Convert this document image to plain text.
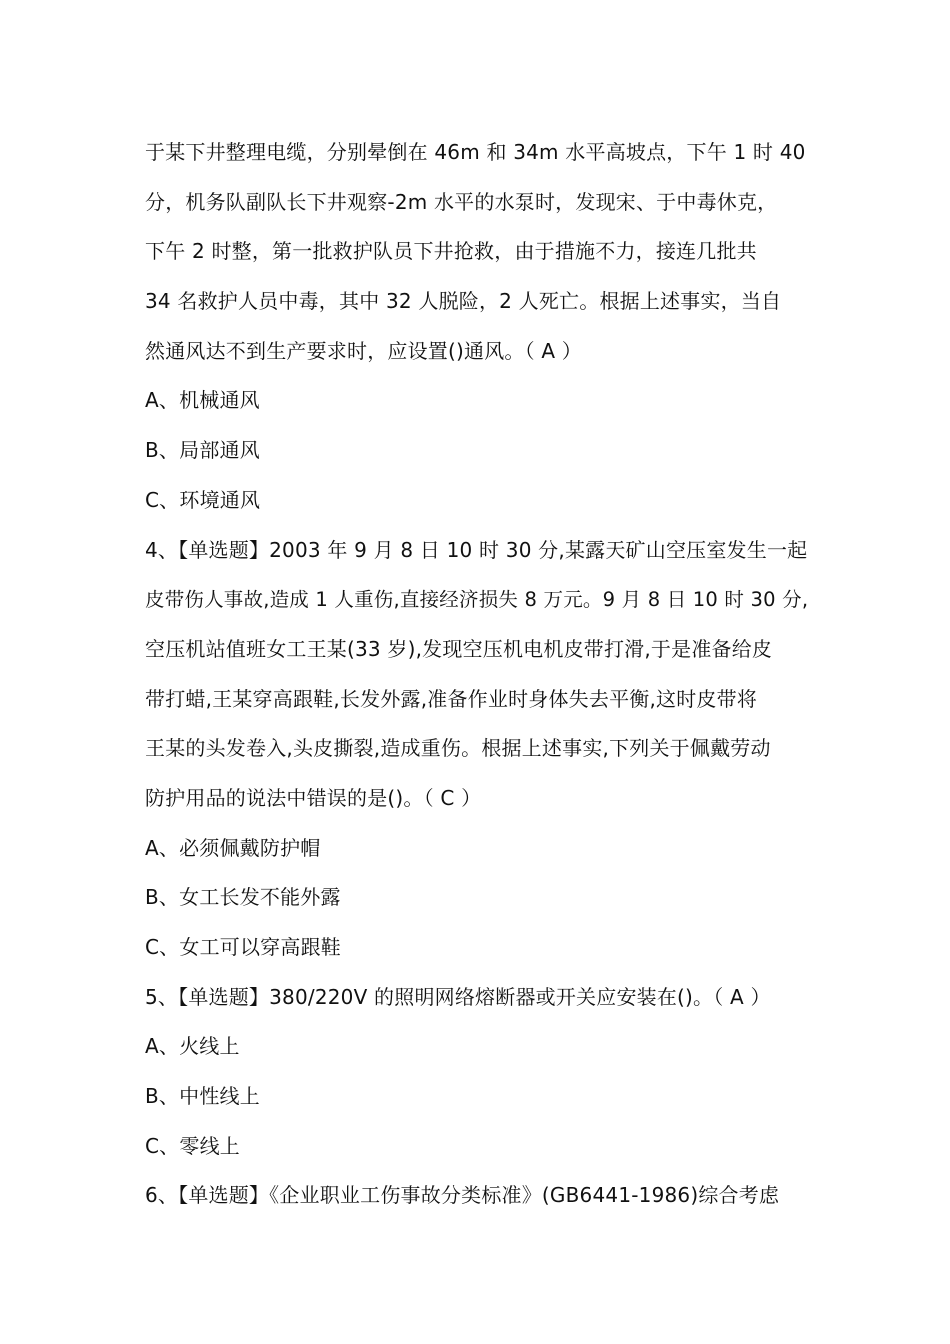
于某下井整理电缆，分别晕倒在 46m 和 34m 水平高坡点，下午 1 时 40
分，机务队副队长下井观察-2m 水平的水泵时，发现宋、于中毒休克，
下午 2 时整，第一批救护队员下井抢救，由于措施不力，接连几批共
34 名救护人员中毒，其中 32 人脱险，2 人死亡。根据上述事实，当自
然通风达不到生产要求时，应设置()通风。（ A ）
A、机械通风
B、局部通风
C、环境通风
4、【单选题】2003 年 9 月 8 日 10 时 30 分,某露天矿山空压室发生一起
皮带伤人事故,造成 1 人重伤,直接经济损失 8 万元。9 月 8 日 10 时 30 分,
空压机站值班女工王某(33 岁),发现空压机电机皮带打滑,于是准备给皮
带打蜡,王某穿高跟鞋,长发外露,准备作业时身体失去平衡,这时皮带将
王某的头发卷入,头皮撕裂,造成重伤。根据上述事实,下列关于佩戴劳动
防护用品的说法中错误的是()。（ C ）
A、必须佩戴防护帽
B、女工长发不能外露
C、女工可以穿高跟鞋
5、【单选题】380/220V 的照明网络熔断器或开关应安装在()。（ A ）
A、火线上
B、中性线上
C、零线上
6、【单选题】《企业职业工伤事故分类标准》(GB6441-1986)综合考虑
